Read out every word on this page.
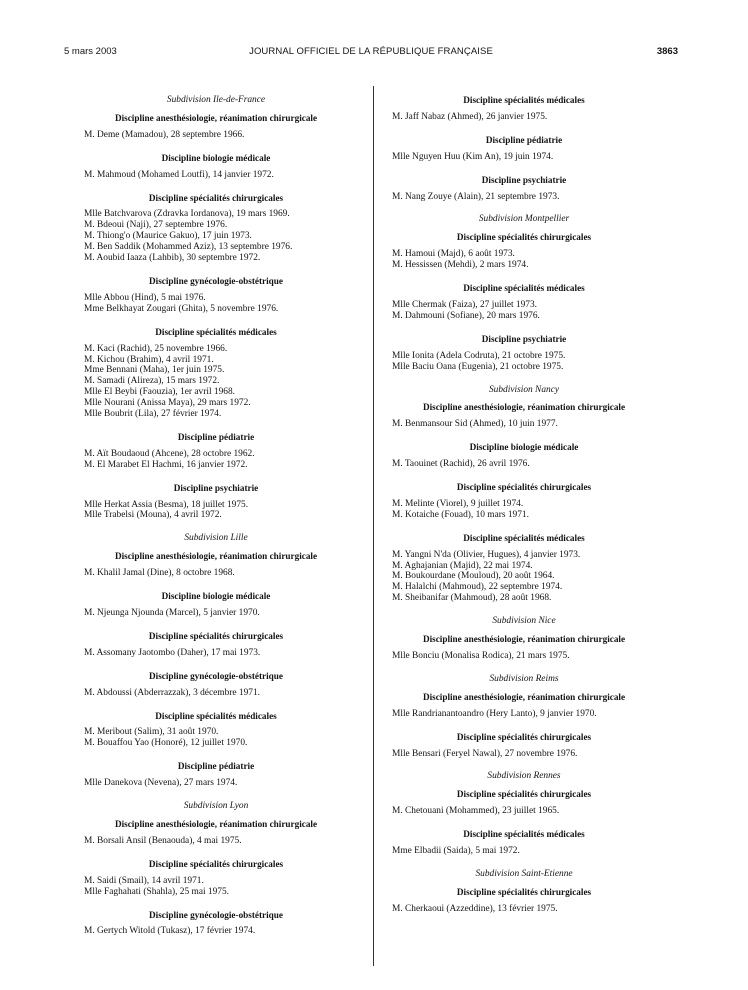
5 mars 2003	JOURNAL OFFICIEL DE LA RÉPUBLIQUE FRANÇAISE	3863
Subdivision Ile-de-France
Discipline anesthésiologie, réanimation chirurgicale
M. Deme (Mamadou), 28 septembre 1966.
Discipline biologie médicale
M. Mahmoud (Mohamed Loutfi), 14 janvier 1972.
Discipline spécialités chirurgicales
Mlle Batchvarova (Zdravka Iordanova), 19 mars 1969.
M. Bdeoui (Naji), 27 septembre 1976.
M. Thiong'o (Maurice Gakuo), 17 juin 1973.
M. Ben Saddik (Mohammed Aziz), 13 septembre 1976.
M. Aoubid Iaaza (Lahbib), 30 septembre 1972.
Discipline gynécologie-obstétrique
Mlle Abbou (Hind), 5 mai 1976.
Mme Belkhayat Zougari (Ghita), 5 novembre 1976.
Discipline spécialités médicales
M. Kaci (Rachid), 25 novembre 1966.
M. Kichou (Brahim), 4 avril 1971.
Mme Bennani (Maha), 1er juin 1975.
M. Samadi (Alireza), 15 mars 1972.
Mlle El Beybi (Faouzia), 1er avril 1968.
Mlle Nourani (Anissa Maya), 29 mars 1972.
Mlle Boubrit (Lila), 27 février 1974.
Discipline pédiatrie
M. Aït Boudaoud (Ahcene), 28 octobre 1962.
M. El Marabet El Hachmi, 16 janvier 1972.
Discipline psychiatrie
Mlle Herkat Assia (Besma), 18 juillet 1975.
Mlle Trabelsi (Mouna), 4 avril 1972.
Subdivision Lille
Discipline anesthésiologie, réanimation chirurgicale
M. Khalil Jamal (Dine), 8 octobre 1968.
Discipline biologie médicale
M. Njeunga Njounda (Marcel), 5 janvier 1970.
Discipline spécialités chirurgicales
M. Assomany Jaotombo (Daher), 17 mai 1973.
Discipline gynécologie-obstétrique
M. Abdoussi (Abderrazzak), 3 décembre 1971.
Discipline spécialités médicales
M. Meribout (Salim), 31 août 1970.
M. Bouaffou Yao (Honoré), 12 juillet 1970.
Discipline pédiatrie
Mlle Danekova (Nevena), 27 mars 1974.
Subdivision Lyon
Discipline anesthésiologie, réanimation chirurgicale
M. Borsali Ansil (Benaouda), 4 mai 1975.
Discipline spécialités chirurgicales
M. Saidi (Smail), 14 avril 1971.
Mlle Faghahati (Shahla), 25 mai 1975.
Discipline gynécologie-obstétrique
M. Gertych Witold (Tukasz), 17 février 1974.
Discipline spécialités médicales
M. Jaff Nabaz (Ahmed), 26 janvier 1975.
Discipline pédiatrie
Mlle Nguyen Huu (Kim An), 19 juin 1974.
Discipline psychiatrie
M. Nang Zouye (Alain), 21 septembre 1973.
Subdivision Montpellier
Discipline spécialités chirurgicales
M. Hamoui (Majd), 6 août 1973.
M. Hessissen (Mehdi), 2 mars 1974.
Discipline spécialités médicales
Mlle Chermak (Faiza), 27 juillet 1973.
M. Dahmouni (Sofiane), 20 mars 1976.
Discipline psychiatrie
Mlle Ionita (Adela Codruta), 21 octobre 1975.
Mlle Baciu Oana (Eugenia), 21 octobre 1975.
Subdivision Nancy
Discipline anesthésiologie, réanimation chirurgicale
M. Benmansour Sid (Ahmed), 10 juin 1977.
Discipline biologie médicale
M. Taouinet (Rachid), 26 avril 1976.
Discipline spécialités chirurgicales
M. Melinte (Viorel), 9 juillet 1974.
M. Kotaiche (Fouad), 10 mars 1971.
Discipline spécialités médicales
M. Yangni N'da (Olivier, Hugues), 4 janvier 1973.
M. Aghajanian (Majid), 22 mai 1974.
M. Boukourdane (Mouloud), 20 août 1964.
M. Halalchi (Mahmoud), 22 septembre 1974.
M. Sheibanifar (Mahmoud), 28 août 1968.
Subdivision Nice
Discipline anesthésiologie, réanimation chirurgicale
Mlle Bonciu (Monalisa Rodica), 21 mars 1975.
Subdivision Reims
Discipline anesthésiologie, réanimation chirurgicale
Mlle Randrianantoandro (Hery Lanto), 9 janvier 1970.
Discipline spécialités chirurgicales
Mlle Bensari (Feryel Nawal), 27 novembre 1976.
Subdivision Rennes
Discipline spécialités chirurgicales
M. Chetouani (Mohammed), 23 juillet 1965.
Discipline spécialités médicales
Mme Elbadii (Saida), 5 mai 1972.
Subdivision Saint-Etienne
Discipline spécialités chirurgicales
M. Cherkaoui (Azzeddine), 13 février 1975.
